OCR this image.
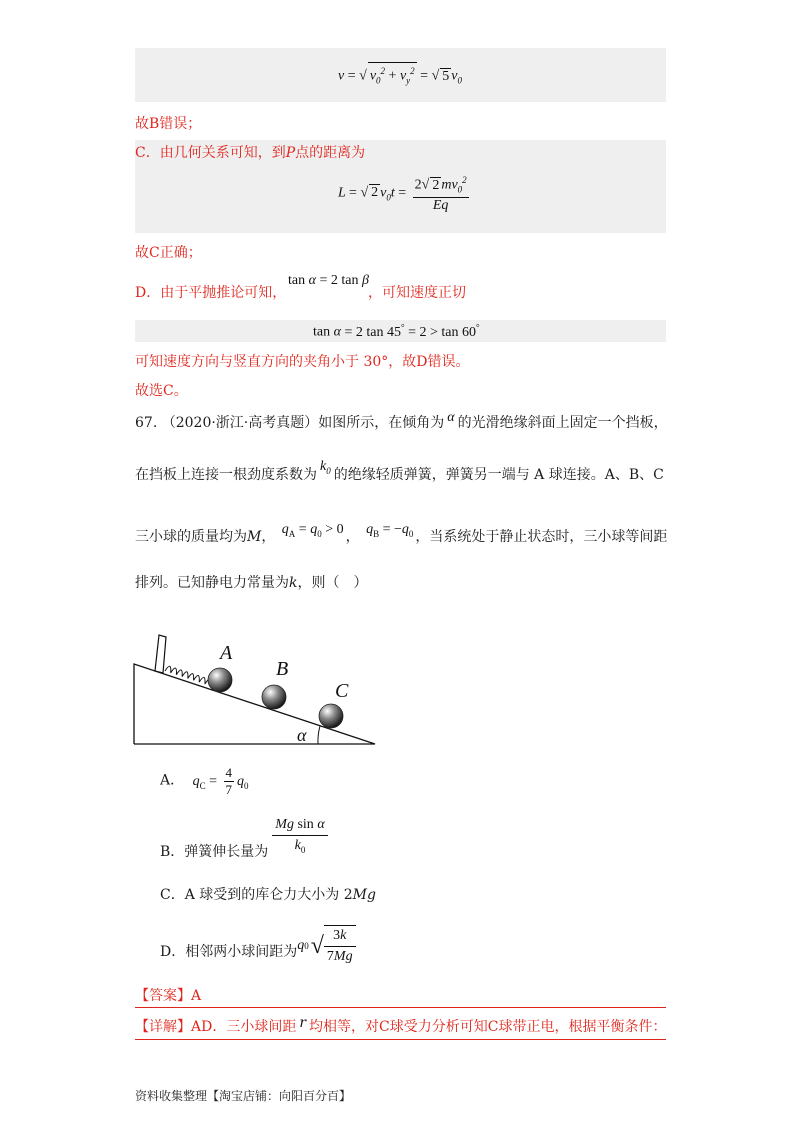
v = √ $v_0^2 + v_y^2$ = √ 5 $v_0$
故B错误；
C．由几何关系可知，到P点的距离为
L = √ 2 $v_0t = \frac{2√ 2 mv_0^2}{Eq}$
故C正确；
D．由于平抛推论可知，
tan α = 2 tan β
，可知速度正切
tan α = 2 tan 45° = 2 > tan 60°
可知速度方向与竖直方向的夹角小于 30°，故D错误。
故选C。
67. （2020·浙江·高考真题）如图所示，在倾角为 α 的光滑绝缘斜面上固定一个挡板，
在挡板上连接一根劲度系数为$k_0$ 的绝缘轻质弹簧，弹簧另一端与 A 球连接。A、B、C
三小球的质量均为M， $q_A = q_0 > 0$ ， $q_B = -q_0$ ，当系统处于静止状态时，三小球等间距
排列。已知静电力常量为k，则（　）
A
B
C
α
A． $q_C = \frac{4}{7} q_0$
B．弹簧伸长量为
Mg sin α
$k_0$
C．A 球受到的库仑力大小为 2Mg
D．相邻两小球间距为 q 0 √ 3k
7Mg
【答案】A
【详解】AD．三小球间距 r 均相等，对C球受力分析可知C球带正电，根据平衡条件：
资料收集整理【淘宝店铺：向阳百分百】
